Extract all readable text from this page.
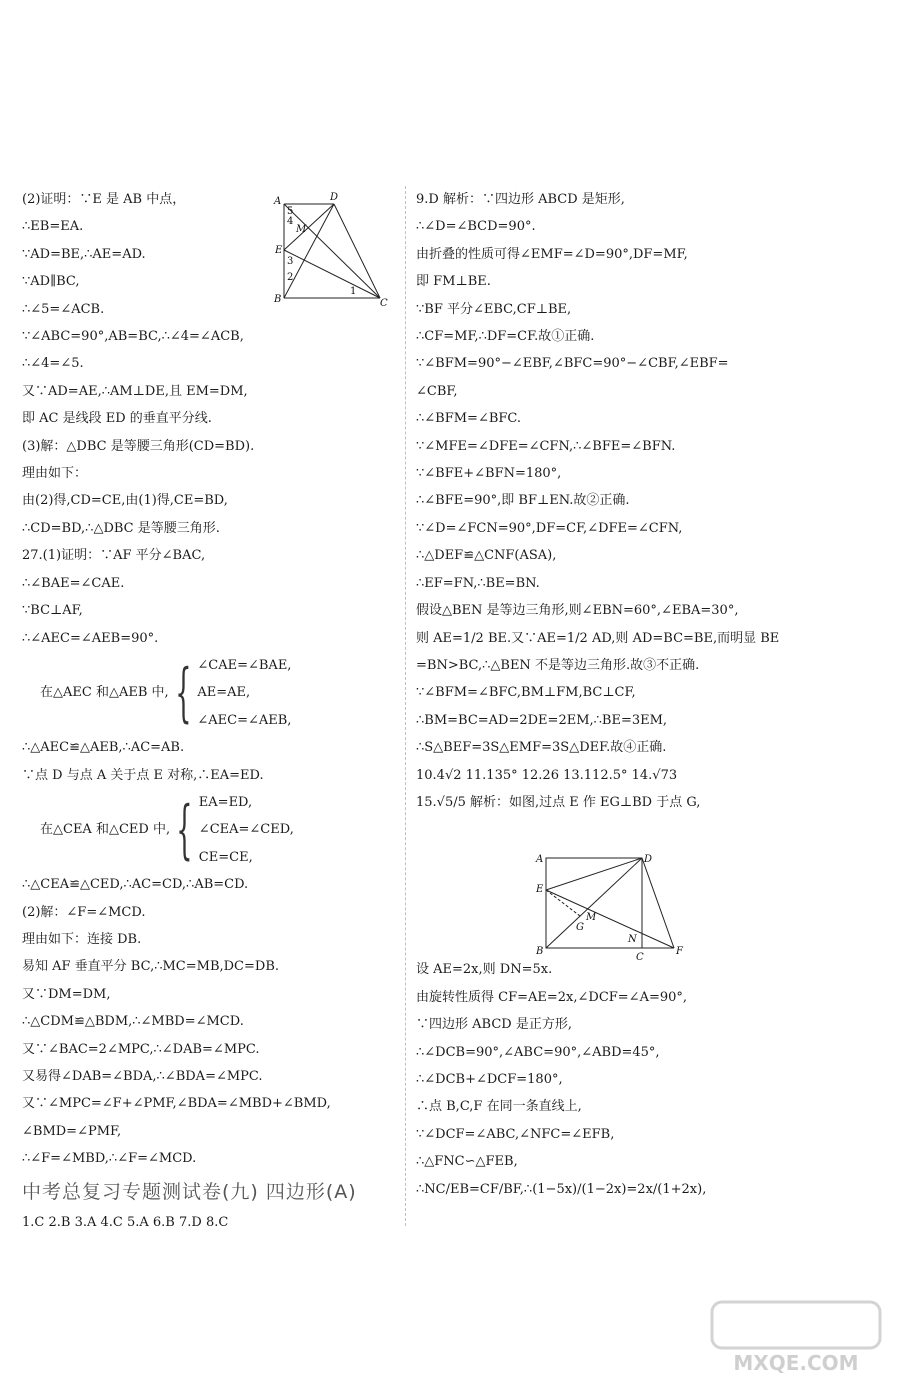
(2)证明：∵E 是 AB 中点，
∴EB=EA.
∵AD=BE,∴AE=AD.
∵AD∥BC,
∴∠5=∠ACB.
∵∠ABC=90°,AB=BC,∴∠4=∠ACB,
∴∠4=∠5.
又∵AD=AE,∴AM⊥DE,且 EM=DM,
即 AC 是线段 ED 的垂直平分线.
(3)解：△DBC 是等腰三角形(CD=BD).
理由如下：
由(2)得,CD=CE,由(1)得,CE=BD,
∴CD=BD,∴△DBC 是等腰三角形.
27.(1)证明：∵AF 平分∠BAC,
∴∠BAE=∠CAE.
∵BC⊥AF,
∴∠AEC=∠AEB=90°.
在△AEC 和△AEB 中, { ∠CAE=∠BAE,
AE=AE,
∠AEC=∠AEB,
∴△AEC≌△AEB,∴AC=AB.
∵点 D 与点 A 关于点 E 对称,∴EA=ED.
在△CEA 和△CED 中, { EA=ED,
∠CEA=∠CED,
CE=CE,
∴△CEA≌△CED,∴AC=CD,∴AB=CD.
(2)解：∠F=∠MCD.
理由如下：连接 DB.
易知 AF 垂直平分 BC,∴MC=MB,DC=DB.
又∵DM=DM,
∴△CDM≌△BDM,∴∠MBD=∠MCD.
又∵∠BAC=2∠MPC,∴∠DAB=∠MPC.
又易得∠DAB=∠BDA,∴∠BDA=∠MPC.
又∵∠MPC=∠F+∠PMF,∠BDA=∠MBD+∠BMD,
∠BMD=∠PMF,
∴∠F=∠MBD,∴∠F=∠MCD.
中考总复习专题测试卷(九) 四边形(A)
1.C 2.B 3.A 4.C 5.A 6.B 7.D 8.C
A
B	C
D
E
M
5
4
3
2
1
9.D 解析：∵四边形 ABCD 是矩形,
∴∠D=∠BCD=90°.
由折叠的性质可得∠EMF=∠D=90°,DF=MF,
即 FM⊥BE.
∵BF 平分∠EBC,CF⊥BE,
∴CF=MF,∴DF=CF.故①正确.
∵∠BFM=90°−∠EBF,∠BFC=90°−∠CBF,∠EBF=
∠CBF,
∴∠BFM=∠BFC.
∵∠MFE=∠DFE=∠CFN,∴∠BFE=∠BFN.
∵∠BFE+∠BFN=180°,
∴∠BFE=90°,即 BF⊥EN.故②正确.
∵∠D=∠FCN=90°,DF=CF,∠DFE=∠CFN,
∴△DEF≌△CNF(ASA),
∴EF=FN,∴BE=BN.
假设△BEN 是等边三角形,则∠EBN=60°,∠EBA=30°,
则 AE=1/2 BE.又∵AE=1/2 AD,则 AD=BC=BE,而明显 BE
=BN>BC,∴△BEN 不是等边三角形.故③不正确.
∵∠BFM=∠BFC,BM⊥FM,BC⊥CF,
∴BM=BC=AD=2DE=2EM,∴BE=3EM,
∴S△BEF=3S△EMF=3S△DEF.故④正确.
10.4√2 11.135° 12.26 13.112.5° 14.√73
15.√5/5 解析：如图,过点 E 作 EG⊥BD 于点 G,
设 AE=2x,则 DN=5x.
由旋转性质得 CF=AE=2x,∠DCF=∠A=90°,
∵四边形 ABCD 是正方形,
∴∠DCB=90°,∠ABC=90°,∠ABD=45°,
∴∠DCB+∠DCF=180°,
∴点 B,C,F 在同一条直线上,
∵∠DCF=∠ABC,∠NFC=∠EFB,
∴△FNC∽△FEB,
∴NC/EB=CF/BF,∴(1−5x)/(1−2x)=2x/(1+2x),
A
B
C
D
E
F
G
M
N
MXQE.COM
